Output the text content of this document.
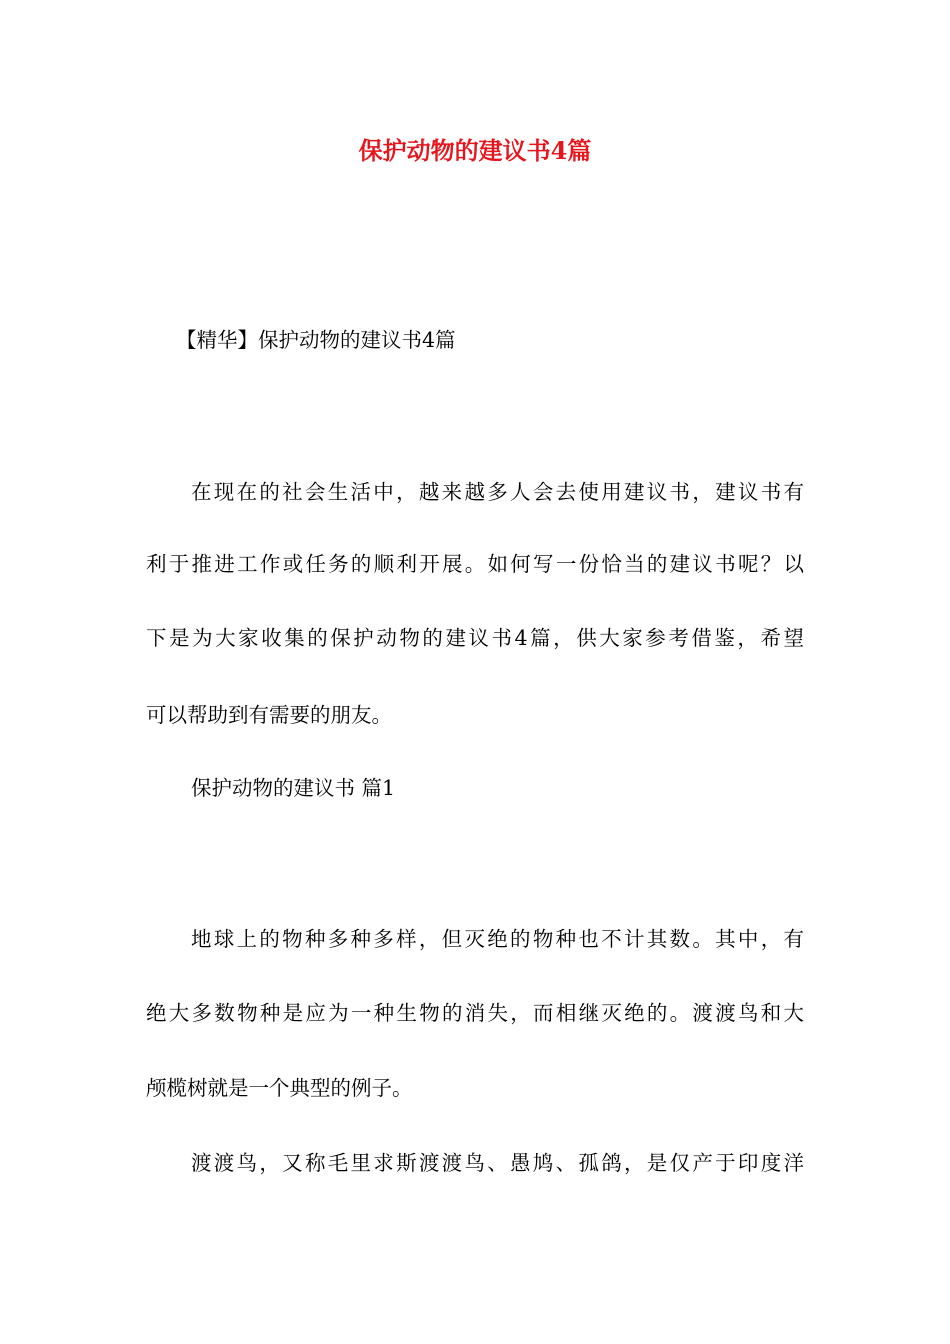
保护动物的建议书4篇
【精华】保护动物的建议书4篇
在现在的社会生活中，越来越多人会去使用建议书，建议书有
利于推进工作或任务的顺利开展。如何写一份恰当的建议书呢？以
下是为大家收集的保护动物的建议书4篇，供大家参考借鉴，希望
可以帮助到有需要的朋友。
保护动物的建议书 篇1
地球上的物种多种多样，但灭绝的物种也不计其数。其中，有
绝大多数物种是应为一种生物的消失，而相继灭绝的。渡渡鸟和大
颅榄树就是一个典型的例子。
渡渡鸟，又称毛里求斯渡渡鸟、愚鸠、孤鸽，是仅产于印度洋
